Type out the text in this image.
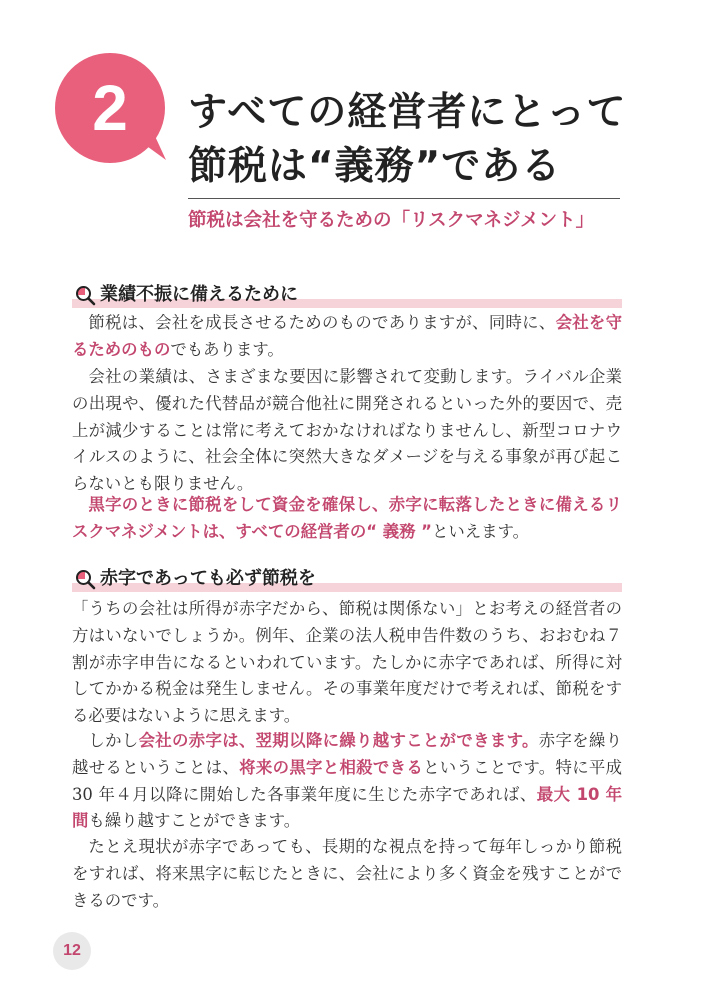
2	すべての経営者にとって
節税は“義務”である
節税は会社を守るための「リスクマネジメント」
業績不振に備えるために

節税は、会社を成長させるためのものでありますが、同時に、会社を守るためのものでもあります。

会社の業績は、さまざまな要因に影響されて変動します。ライバル企業の出現や、優れた代替品が競合他社に開発されるといった外的要因で、売上が減少することは常に考えておかなければなりませんし、新型コロナウイルスのように、社会全体に突然大きなダメージを与える事象が再び起こらないとも限りません。

黒字のときに節税をして資金を確保し、赤字に転落したときに備えるリスクマネジメントは、すべての経営者の“ 義務 ”といえます。

赤字であっても必ず節税を

「うちの会社は所得が赤字だから、節税は関係ない」とお考えの経営者の方はいないでしょうか。例年、企業の法人税申告件数のうち、おおむね７割が赤字申告になるといわれています。たしかに赤字であれば、所得に対してかかる税金は発生しません。その事業年度だけで考えれば、節税をする必要はないように思えます。

しかし会社の赤字は、翌期以降に繰り越すことができます。赤字を繰り越せるということは、将来の黒字と相殺できるということです。特に平成 30 年４月以降に開始した各事業年度に生じた赤字であれば、最大 10 年間も繰り越すことができます。

たとえ現状が赤字であっても、長期的な視点を持って毎年しっかり節税をすれば、将来黒字に転じたときに、会社により多く資金を残すことができるのです。

12
